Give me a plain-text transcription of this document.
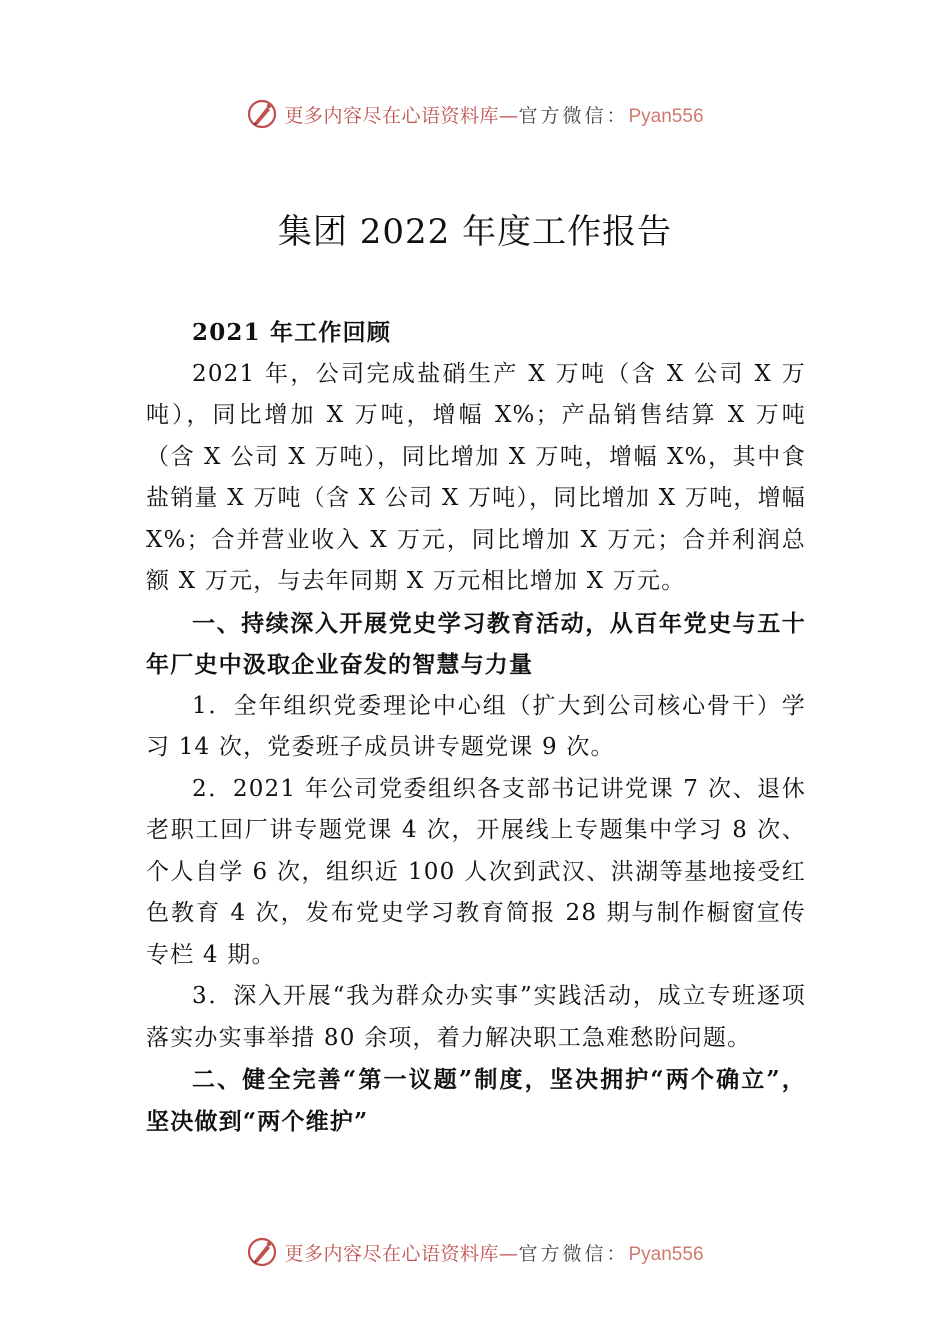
更多内容尽在心语资料库—官方微信：Pyan556
集团 2022 年度工作报告

2021 年工作回顾

2021 年，公司完成盐硝生产 X 万吨（含 X 公司 X 万吨），同比增加 X 万吨，增幅 X%；产品销售结算 X 万吨（含 X 公司 X 万吨），同比增加 X 万吨，增幅 X%，其中食盐销量 X 万吨（含 X 公司 X 万吨），同比增加 X 万吨，增幅 X%；合并营业收入 X 万元，同比增加 X 万元；合并利润总额 X 万元，与去年同期 X 万元相比增加 X 万元。

一、持续深入开展党史学习教育活动，从百年党史与五十年厂史中汲取企业奋发的智慧与力量

1．全年组织党委理论中心组（扩大到公司核心骨干）学习 14 次，党委班子成员讲专题党课 9 次。

2．2021 年公司党委组织各支部书记讲党课 7 次、退休老职工回厂讲专题党课 4 次，开展线上专题集中学习 8 次、个人自学 6 次，组织近 100 人次到武汉、洪湖等基地接受红色教育 4 次，发布党史学习教育简报 28 期与制作橱窗宣传专栏 4 期。

3．深入开展“我为群众办实事”实践活动，成立专班逐项落实办实事举措 80 余项，着力解决职工急难愁盼问题。

二、健全完善“第一议题”制度，坚决拥护“两个确立”，坚决做到“两个维护”

更多内容尽在心语资料库—官方微信：Pyan556
